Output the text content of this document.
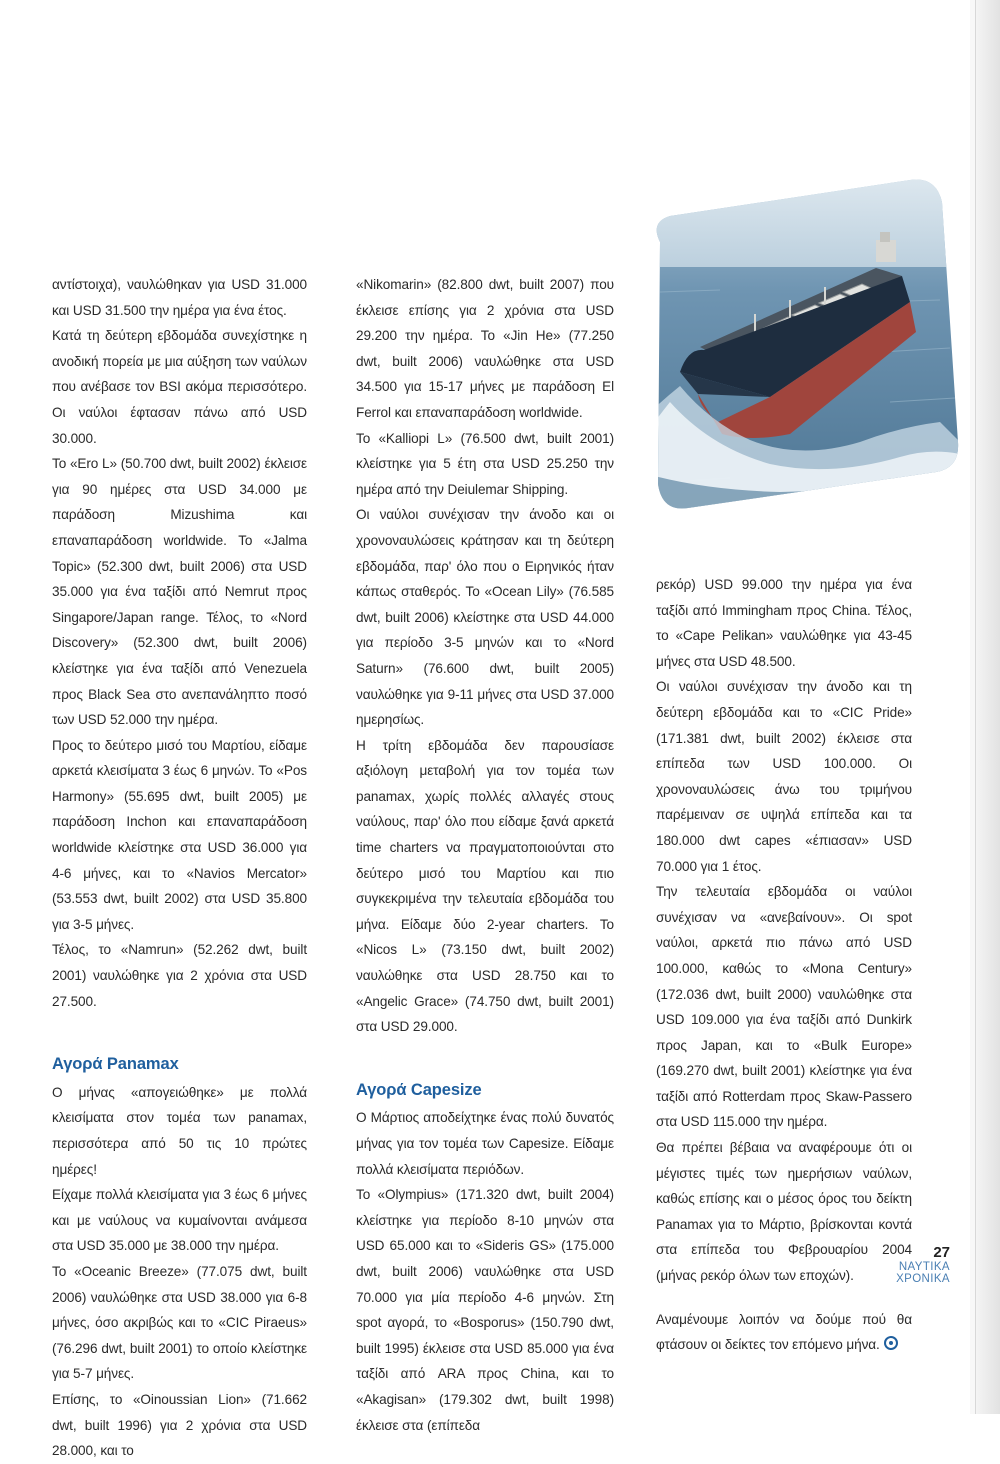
αντίστοιχα), ναυλώθηκαν για USD 31.000 και USD 31.500 την ημέρα για ένα έτος.

Κατά τη δεύτερη εβδομάδα συνεχίστηκε η ανοδική πορεία με μια αύξηση των ναύλων που ανέβασε τον BSI ακόμα περισσότερο. Οι ναύλοι έφτασαν πάνω από USD 30.000.

Το «Ero L» (50.700 dwt, built 2002) έκλεισε για 90 ημέρες στα USD 34.000 με παράδοση Mizushima και επαναπαράδοση worldwide. Το «Jalma Topic» (52.300 dwt, built 2006) στα USD 35.000 για ένα ταξίδι από Nemrut προς Singapore/Japan range. Τέλος, το «Nord Discovery» (52.300 dwt, built 2006) κλείστηκε για ένα ταξίδι από Venezuela προς Black Sea στο ανεπανάληπτο ποσό των USD 52.000 την ημέρα.

Προς το δεύτερο μισό του Μαρτίου, είδαμε αρκετά κλεισίματα 3 έως 6 μηνών. Το «Pos Harmony» (55.695 dwt, built 2005) με παράδοση Inchon και επαναπαράδοση worldwide κλείστηκε στα USD 36.000 για 4-6 μήνες, και το «Navios Mercator» (53.553 dwt, built 2002) στα USD 35.800 για 3-5 μήνες.

Τέλος, το «Namrun» (52.262 dwt, built 2001) ναυλώθηκε για 2 χρόνια στα USD 27.500.

Αγορά Panamax

Ο μήνας «απογειώθηκε» με πολλά κλεισίματα στον τομέα των panamax, περισσότερα από 50 τις 10 πρώτες ημέρες!

Είχαμε πολλά κλεισίματα για 3 έως 6 μήνες και με ναύλους να κυμαίνονται ανάμεσα στα USD 35.000 με 38.000 την ημέρα.

Το «Oceanic Breeze» (77.075 dwt, built 2006) ναυλώθηκε στα USD 38.000 για 6-8 μήνες, όσο ακριβώς και το «CIC Piraeus» (76.296 dwt, built 2001) το οποίο κλείστηκε για 5-7 μήνες.

Επίσης, το «Oinoussian Lion» (71.662 dwt, built 1996) για 2 χρόνια στα USD 28.000, και το

«Nikomarin» (82.800 dwt, built 2007) που έκλεισε επίσης για 2 χρόνια στα USD 29.200 την ημέρα. Το «Jin He» (77.250 dwt, built 2006) ναυλώθηκε στα USD 34.500 για 15-17 μήνες με παράδοση El Ferrol και επαναπαράδοση worldwide.

Το «Kalliopi L» (76.500 dwt, built 2001) κλείστηκε για 5 έτη στα USD 25.250 την ημέρα από την Deiulemar Shipping.

Οι ναύλοι συνέχισαν την άνοδο και οι χρονοναυλώσεις κράτησαν και τη δεύτερη εβδομάδα, παρ' όλο που ο Ειρηνικός ήταν κάπως σταθερός. Το «Ocean Lily» (76.585 dwt, built 2006) κλείστηκε στα USD 44.000 για περίοδο 3-5 μηνών και το «Nord Saturn» (76.600 dwt, built 2005) ναυλώθηκε για 9-11 μήνες στα USD 37.000 ημερησίως.

Η τρίτη εβδομάδα δεν παρουσίασε αξιόλογη μεταβολή για τον τομέα των panamax, χωρίς πολλές αλλαγές στους ναύλους, παρ' όλο που είδαμε ξανά αρκετά time charters να πραγματοποιούνται στο δεύτερο μισό του Μαρτίου και πιο συγκεκριμένα την τελευταία εβδομάδα του μήνα. Είδαμε δύο 2-year charters. Το «Nicos L» (73.150 dwt, built 2002) ναυλώθηκε στα USD 28.750 και το «Angelic Grace» (74.750 dwt, built 2001) στα USD 29.000.

Αγορά Capesize

Ο Μάρτιος αποδείχτηκε ένας πολύ δυνατός μήνας για τον τομέα των Capesize. Είδαμε πολλά κλεισίματα περιόδων.

Το «Olympius» (171.320 dwt, built 2004) κλείστηκε για περίοδο 8-10 μηνών στα USD 65.000 και το «Sideris GS» (175.000 dwt, built 2006) ναυλώθηκε στα USD 70.000 για μία περίοδο 4-6 μηνών. Στη spot αγορά, το «Bosporus» (150.790 dwt, built 1995) έκλεισε στα USD 85.000 για ένα ταξίδι από ARA προς China, και το «Akagisan» (179.302 dwt, built 1998) έκλεισε στα (επίπεδα

ρεκόρ) USD 99.000 την ημέρα για ένα ταξίδι από Immingham προς China. Τέλος, το «Cape Pelikan» ναυλώθηκε για 43-45 μήνες στα USD 48.500.

Οι ναύλοι συνέχισαν την άνοδο και τη δεύτερη εβδομάδα και το «CIC Pride» (171.381 dwt, built 2002) έκλεισε στα επίπεδα των USD 100.000. Οι χρονοναυλώσεις άνω του τριμήνου παρέμειναν σε υψηλά επίπεδα και τα 180.000 dwt capes «έπιασαν» USD 70.000 για 1 έτος.

Την τελευταία εβδομάδα οι ναύλοι συνέχισαν να «ανεβαίνουν». Οι spot ναύλοι, αρκετά πιο πάνω από USD 100.000, καθώς το «Mona Century» (172.036 dwt, built 2000) ναυλώθηκε στα USD 109.000 για ένα ταξίδι από Dunkirk προς Japan, και το «Bulk Europe» (169.270 dwt, built 2001) κλείστηκε για ένα ταξίδι από Rotterdam προς Skaw-Passero στα USD 115.000 την ημέρα.

Θα πρέπει βέβαια να αναφέρουμε ότι οι μέγιστες τιμές των ημερήσιων ναύλων, καθώς επίσης και ο μέσος όρος του δείκτη Panamax για το Μάρτιο, βρίσκονται κοντά στα επίπεδα του Φεβρουαρίου 2004 (μήνας ρεκόρ όλων των εποχών).

Αναμένουμε λοιπόν να δούμε πού θα φτάσουν οι δείκτες τον επόμενο μήνα.

27
ΝΑΥΤΙΚΑ
ΧΡΟΝΙΚΑ
